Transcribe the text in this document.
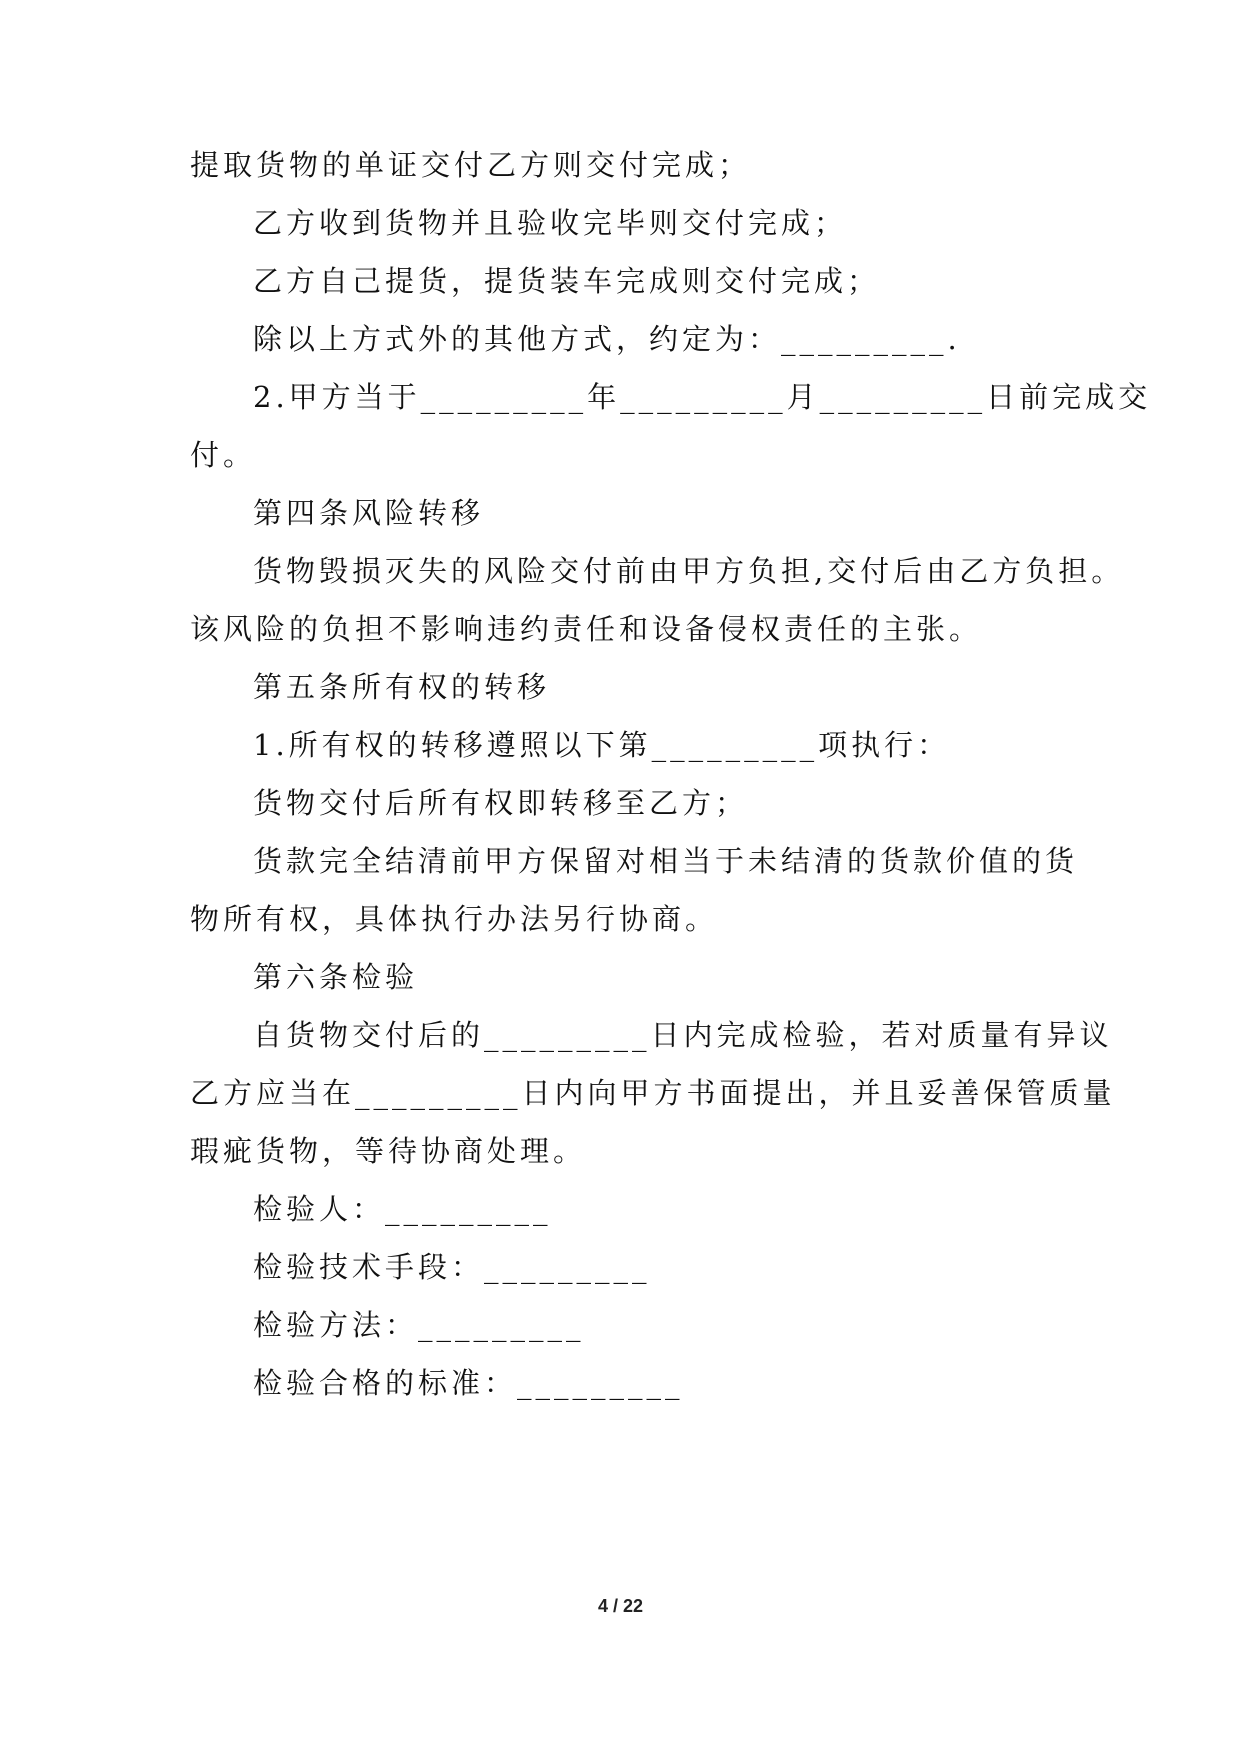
提取货物的单证交付乙方则交付完成；
乙方收到货物并且验收完毕则交付完成；
乙方自己提货，提货装车完成则交付完成；
除以上方式外的其他方式，约定为：_________.
2.甲方当于_________年_________月_________日前完成交
付。
第四条风险转移
货物毁损灭失的风险交付前由甲方负担,交付后由乙方负担。
该风险的负担不影响违约责任和设备侵权责任的主张。
第五条所有权的转移
1.所有权的转移遵照以下第_________项执行：
货物交付后所有权即转移至乙方；
货款完全结清前甲方保留对相当于未结清的货款价值的货
物所有权，具体执行办法另行协商。
第六条检验
自货物交付后的_________日内完成检验，若对质量有异议
乙方应当在_________日内向甲方书面提出，并且妥善保管质量
瑕疵货物，等待协商处理。
检验人：_________
检验技术手段：_________
检验方法：_________
检验合格的标准：_________
4 / 22
